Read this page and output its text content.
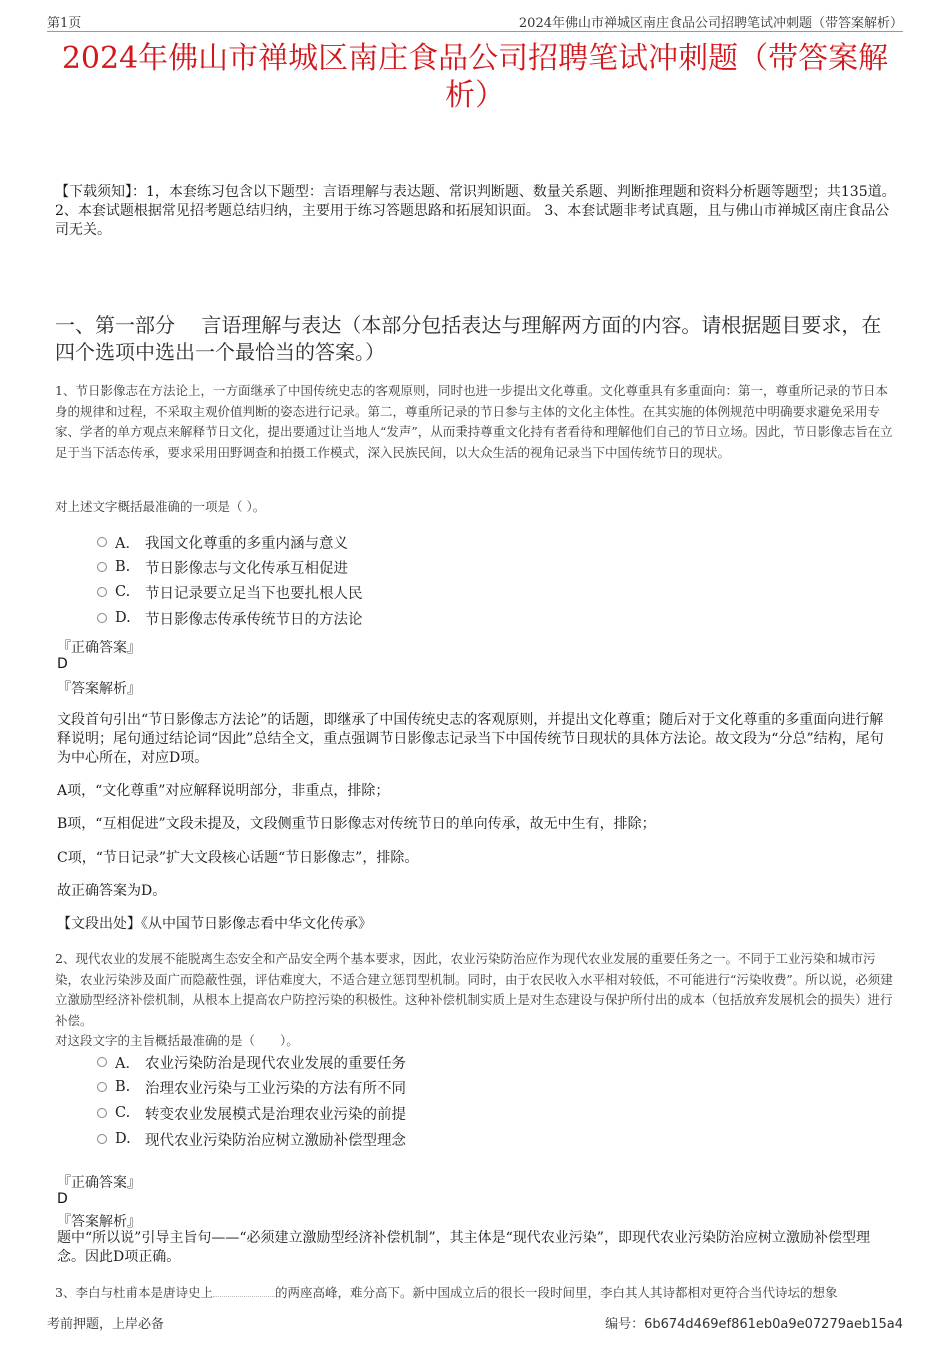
第1页	2024年佛山市禅城区南庄食品公司招聘笔试冲刺题（带答案解析）
2024年佛山市禅城区南庄食品公司招聘笔试冲刺题（带答案解析）
【下载须知】：1，本套练习包含以下题型：言语理解与表达题、常识判断题、数量关系题、判断推理题和资料分析题等题型；共135道。 2、本套试题根据常见招考题总结归纳，主要用于练习答题思路和拓展知识面。 3、本套试题非考试真题，且与佛山市禅城区南庄食品公司无关。
一、第一部分　 言语理解与表达（本部分包括表达与理解两方面的内容。请根据题目要求，在四个选项中选出一个最恰当的答案。）
1、节日影像志在方法论上，一方面继承了中国传统史志的客观原则，同时也进一步提出文化尊重。文化尊重具有多重面向：第一，尊重所记录的节日本身的规律和过程，不采取主观价值判断的姿态进行记录。第二，尊重所记录的节日参与主体的文化主体性。在其实施的体例规范中明确要求避免采用专家、学者的单方观点来解释节日文化，提出要通过让当地人“发声”，从而秉持尊重文化持有者看待和理解他们自己的节日立场。因此，节日影像志旨在立足于当下活态传承，要求采用田野调查和拍摄工作模式，深入民族民间，以大众生活的视角记录当下中国传统节日的现状。
对上述文字概括最准确的一项是（ ）。
A． 我国文化尊重的多重内涵与意义
B.	节日影像志与文化传承互相促进
C.	节日记录要立足当下也要扎根人民
D. 节日影像志传承传统节日的方法论
『正确答案』
D
『答案解析』
文段首句引出“节日影像志方法论”的话题，即继承了中国传统史志的客观原则，并提出文化尊重；随后对于文化尊重的多重面向进行解释说明；尾句通过结论词“因此”总结全文，重点强调节日影像志记录当下中国传统节日现状的具体方法论。故文段为“分总”结构，尾句为中心所在，对应D项。
A项，“文化尊重”对应解释说明部分，非重点，排除；
B项，“互相促进”文段未提及，文段侧重节日影像志对传统节日的单向传承，故无中生有，排除；
C项，“节日记录”扩大文段核心话题“节日影像志”，排除。
故正确答案为D。
【文段出处】《从中国节日影像志看中华文化传承》
2、现代农业的发展不能脱离生态安全和产品安全两个基本要求，因此，农业污染防治应作为现代农业发展的重要任务之一。不同于工业污染和城市污染，农业污染涉及面广而隐蔽性强，评估难度大，不适合建立惩罚型机制。同时，由于农民收入水平相对较低，不可能进行“污染收费”。所以说，必须建立激励型经济补偿机制，从根本上提高农户防控污染的积极性。这种补偿机制实质上是对生态建设与保护所付出的成本（包括放弃发展机会的损失）进行补偿。
对这段文字的主旨概括最准确的是（　　）。
A． 农业污染防治是现代农业发展的重要任务
B.	治理农业污染与工业污染的方法有所不同
C.	转变农业发展模式是治理农业污染的前提
D. 现代农业污染防治应树立激励补偿型理念
『正确答案』
D
『答案解析』
题中“所以说”引导主旨句——“必须建立激励型经济补偿机制”，其主体是“现代农业污染”，即现代农业污染防治应树立激励补偿型理念。因此D项正确。
3、李白与杜甫本是唐诗史上	的两座高峰，难分高下。新中国成立后的很长一段时间里，李白其人其诗都相对更符合当代诗坛的想象
考前押题，上岸必备	编号：6b674d469ef861eb0a9e07279aeb15a4
